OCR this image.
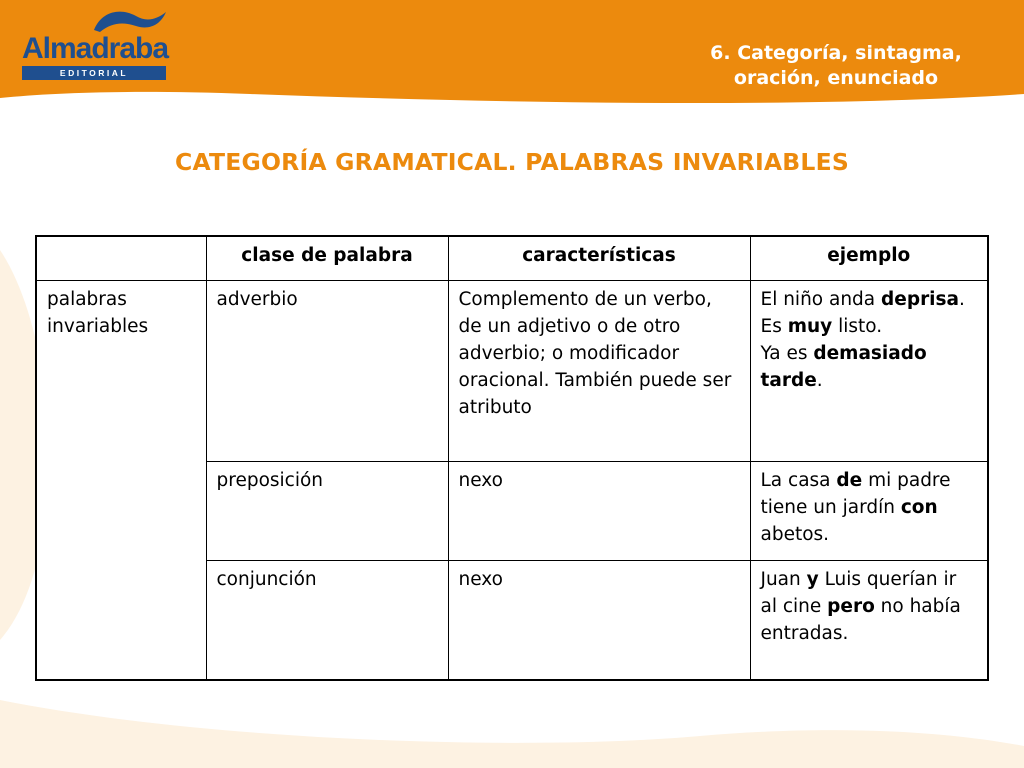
Almadraba
EDITORIAL
6. Categoría, sintagma,
oración, enunciado
CATEGORÍA GRAMATICAL. PALABRAS INVARIABLES
	clase de palabra	características	ejemplo
palabras invariables	adverbio	Complemento de un verbo, de un adjetivo o de otro adverbio; o modificador oracional. También puede ser atributo	El niño anda deprisa.
Es muy listo.
Ya es demasiado tarde.

	preposición	nexo	La casa de mi padre tiene un jardín con abetos.
	conjunción	nexo	Juan y Luis querían ir al cine pero no había entradas.
